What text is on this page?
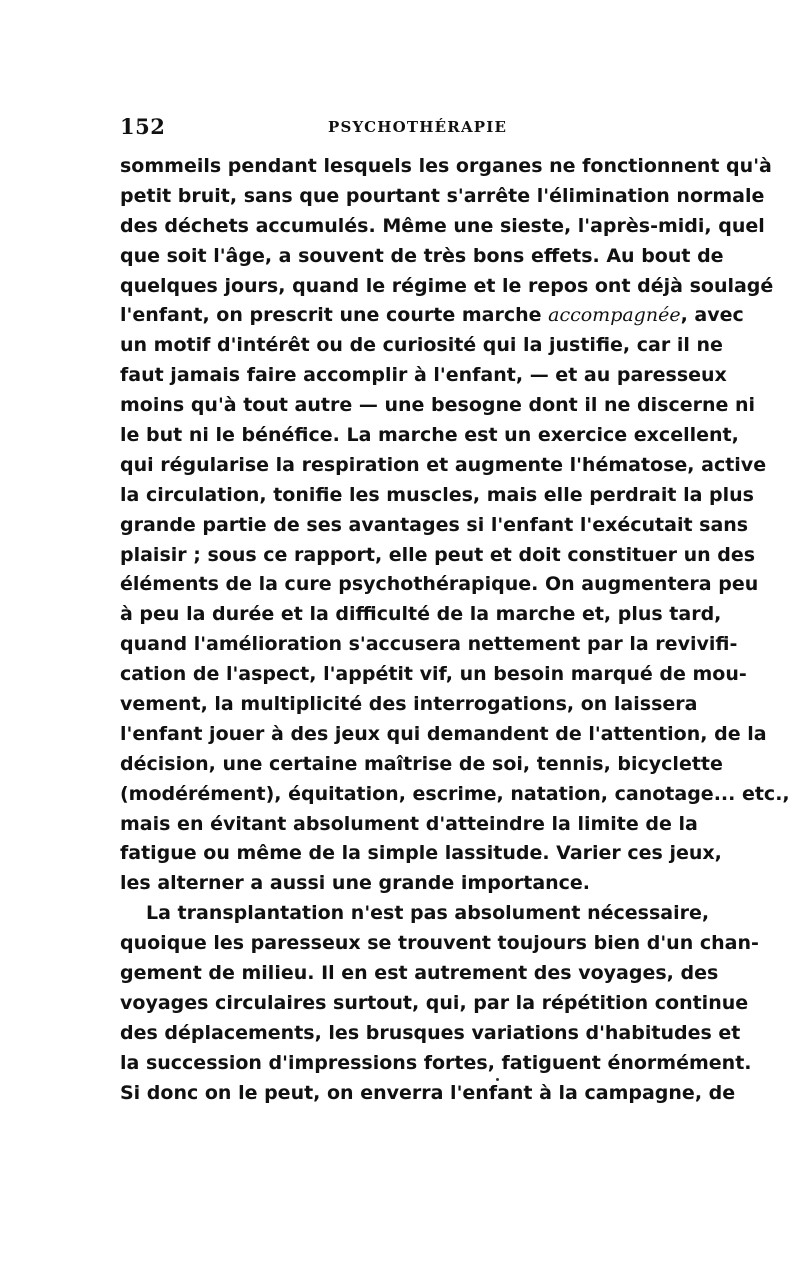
152	PSYCHOTHÉRAPIE
sommeils pendant lesquels les organes ne fonctionnent qu'à
petit bruit, sans que pourtant s'arrête l'élimination normale
des déchets accumulés. Même une sieste, l'après-midi, quel
que soit l'âge, a souvent de très bons effets. Au bout de
quelques jours, quand le régime et le repos ont déjà soulagé
l'enfant, on prescrit une courte marche accompagnée, avec
un motif d'intérêt ou de curiosité qui la justifie, car il ne
faut jamais faire accomplir à l'enfant, — et au paresseux
moins qu'à tout autre — une besogne dont il ne discerne ni
le but ni le bénéfice. La marche est un exercice excellent,
qui régularise la respiration et augmente l'hématose, active
la circulation, tonifie les muscles, mais elle perdrait la plus
grande partie de ses avantages si l'enfant l'exécutait sans
plaisir ; sous ce rapport, elle peut et doit constituer un des
éléments de la cure psychothérapique. On augmentera peu
à peu la durée et la difficulté de la marche et, plus tard,
quand l'amélioration s'accusera nettement par la revivifi-
cation de l'aspect, l'appétit vif, un besoin marqué de mou-
vement, la multiplicité des interrogations, on laissera
l'enfant jouer à des jeux qui demandent de l'attention, de la
décision, une certaine maîtrise de soi, tennis, bicyclette
(modérément), équitation, escrime, natation, canotage... etc.,
mais en évitant absolument d'atteindre la limite de la
fatigue ou même de la simple lassitude. Varier ces jeux,
les alterner a aussi une grande importance.
La transplantation n'est pas absolument nécessaire,
quoique les paresseux se trouvent toujours bien d'un chan-
gement de milieu. Il en est autrement des voyages, des
voyages circulaires surtout, qui, par la répétition continue
des déplacements, les brusques variations d'habitudes et
la succession d'impressions fortes, fatiguent énormément.
Si donc on le peut, on enverra l'enfant à la campagne, de
